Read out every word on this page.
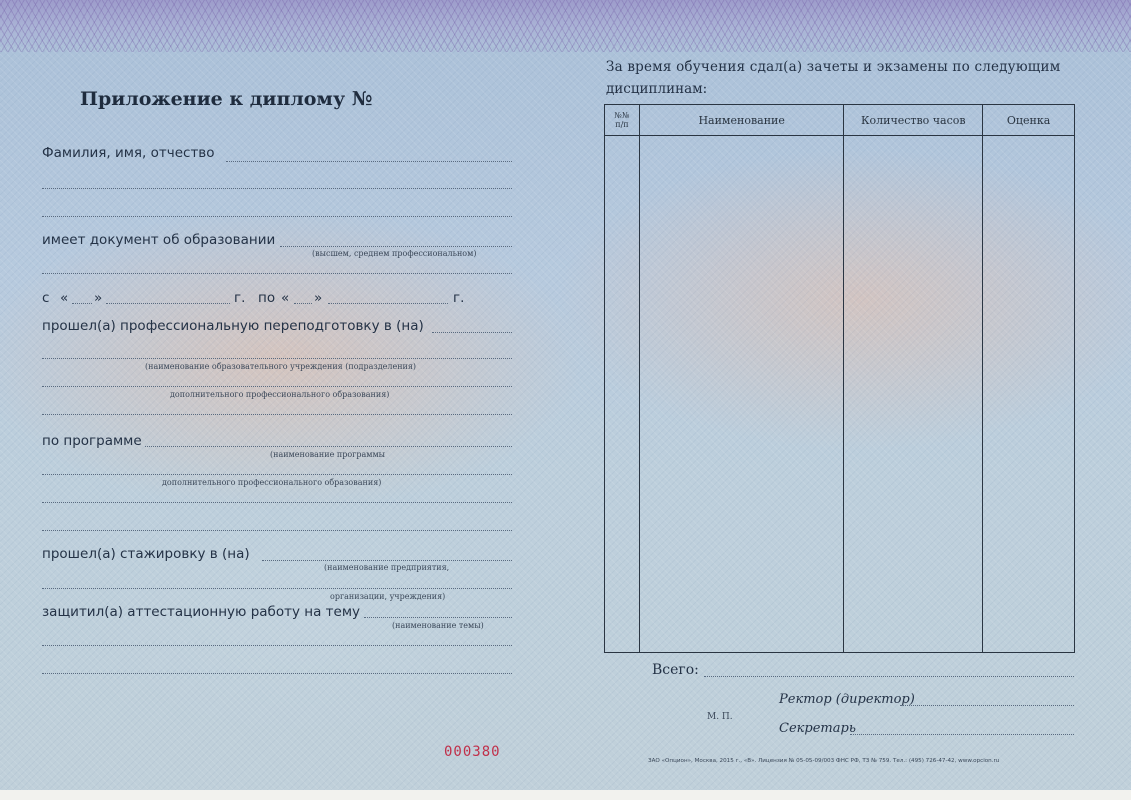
Приложение к диплому №
Фамилия, имя, отчество
имеет документ об образовании
(высшем, среднем профессиональном)
с « »	г. по « »	г.
прошел(а) профессиональную переподготовку в (на)
(наименование образовательного учреждения (подразделения)
дополнительного профессионального образования)
по программе
(наименование программы
дополнительного профессионального образования)
прошел(а) стажировку в (на)
(наименование предприятия,
организации, учреждения)
защитил(а) аттестационную работу на тему
(наименование темы)
000380
За время обучения сдал(а) зачеты и экзамены по следующим
дисциплинам:
№№
п/п	Наименование	Количество часов	Оценка

Всего:
М. П.
Ректор (директор)
Секретарь
ЗАО «Опцион», Москва, 2015 г., «В». Лицензия № 05-05-09/003 ФНС РФ, ТЗ № 759. Тел.: (495) 726-47-42, www.opcion.ru
